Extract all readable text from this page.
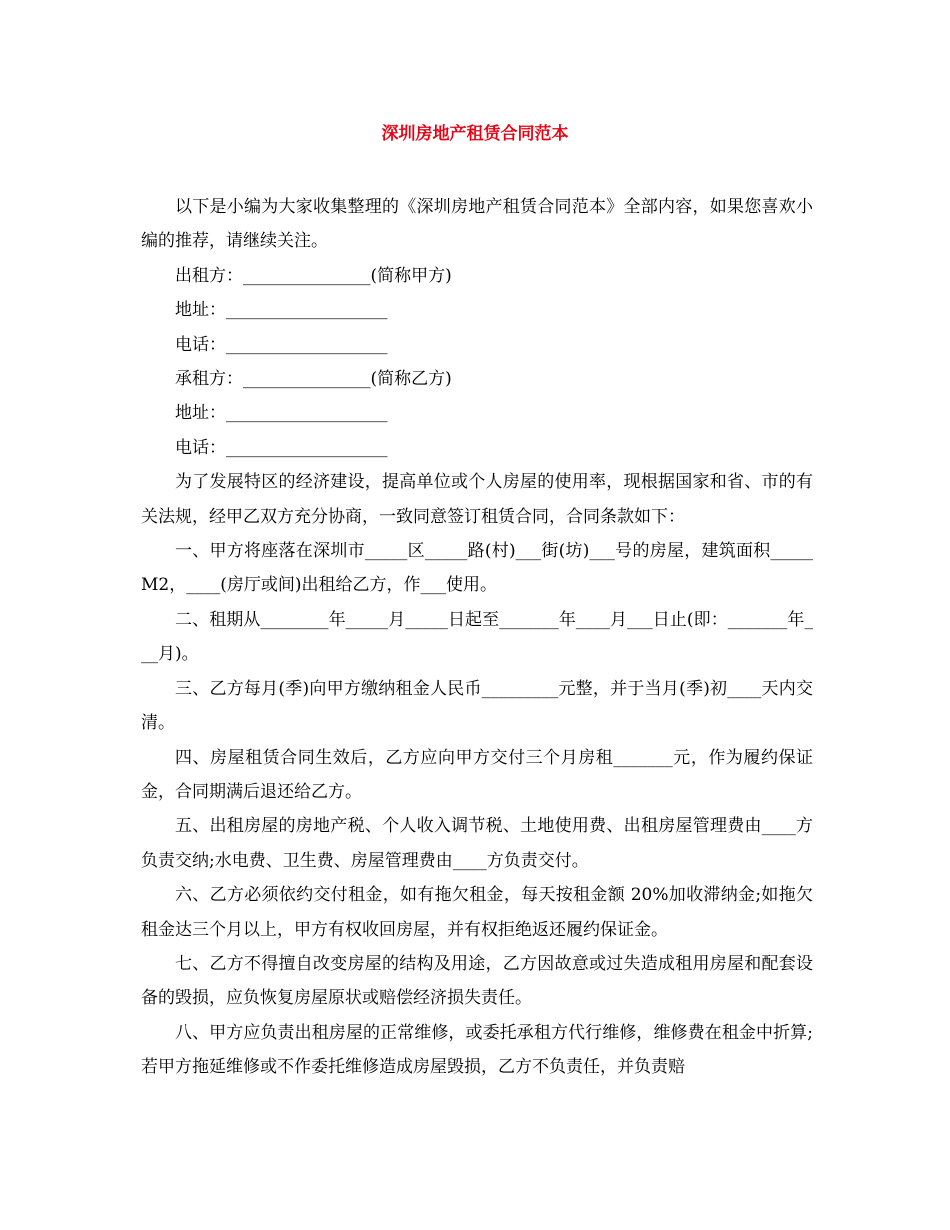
深圳房地产租赁合同范本

以下是小编为大家收集整理的《深圳房地产租赁合同范本》全部内容，如果您喜欢小编的推荐，请继续关注。

出租方：_______________(简称甲方)

地址：___________________

电话：___________________

承租方：_______________(简称乙方)

地址：___________________

电话：___________________

为了发展特区的经济建设，提高单位或个人房屋的使用率，现根据国家和省、市的有关法规，经甲乙双方充分协商，一致同意签订租赁合同，合同条款如下：

一、甲方将座落在深圳市_____区_____路(村)___街(坊)___号的房屋，建筑面积_____M2，____(房厅或间)出租给乙方，作___使用。

二、租期从________年_____月_____日起至_______年____月___日止(即：_______年___月)。

三、乙方每月(季)向甲方缴纳租金人民币_________元整，并于当月(季)初____天内交清。

四、房屋租赁合同生效后，乙方应向甲方交付三个月房租_______元，作为履约保证金，合同期满后退还给乙方。

五、出租房屋的房地产税、个人收入调节税、土地使用费、出租房屋管理费由____方负责交纳;水电费、卫生费、房屋管理费由____方负责交付。

六、乙方必须依约交付租金，如有拖欠租金，每天按租金额 20%加收滞纳金;如拖欠租金达三个月以上，甲方有权收回房屋，并有权拒绝返还履约保证金。

七、乙方不得擅自改变房屋的结构及用途，乙方因故意或过失造成租用房屋和配套设备的毁损，应负恢复房屋原状或赔偿经济损失责任。

八、甲方应负责出租房屋的正常维修，或委托承租方代行维修，维修费在租金中折算;若甲方拖延维修或不作委托维修造成房屋毁损，乙方不负责任，并负责赔
